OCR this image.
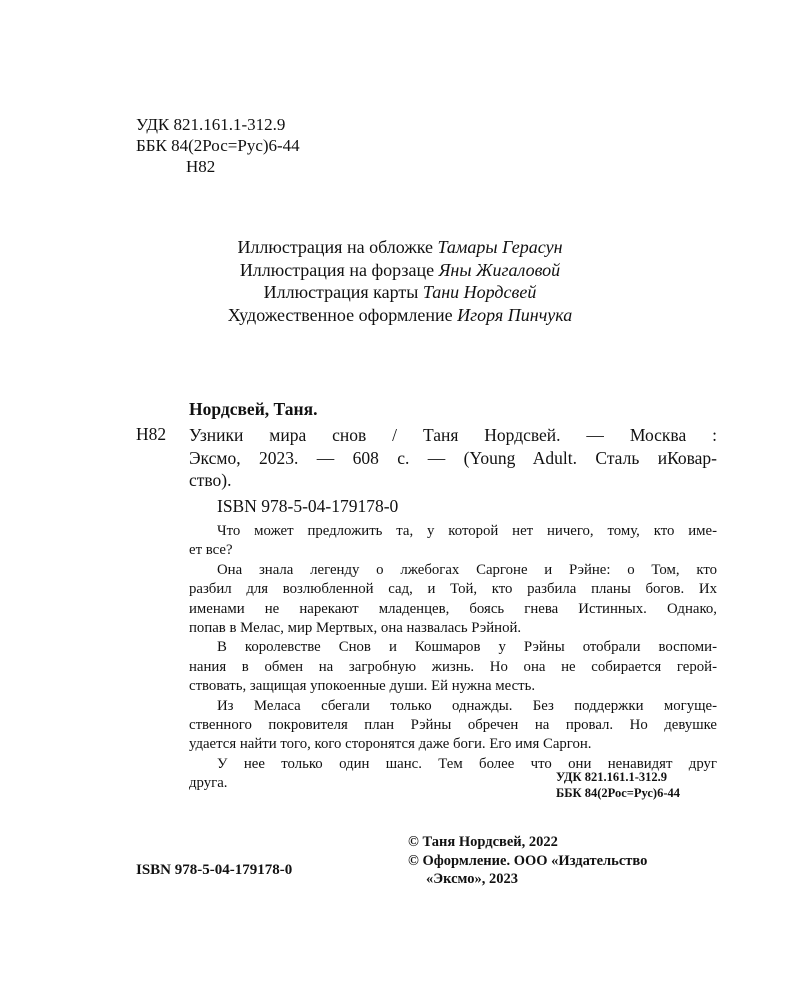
УДК 821.161.1-312.9
ББК 84(2Рос=Рус)6-44
Н82
Иллюстрация на обложке Тамары Герасун
Иллюстрация на форзаце Яны Жигаловой
Иллюстрация карты Тани Нордсвей
Художественное оформление Игоря Пинчука
Нордсвей, Таня.
Н82 Узники мира снов / Таня Нордсвей. — Москва :
Эксмо, 2023. — 608 с. — (Young Adult. Сталь иКовар-
ство).
ISBN 978-5-04-179178-0

Что может предложить та, у которой нет ничего, тому, кто име-

ет все?

Она знала легенду о лжебогах Саргоне и Рэйне: о Том, кто

разбил для возлюбленной сад, и Той, кто разбила планы богов. Их

именами не нарекают младенцев, боясь гнева Истинных. Однако,

попав в Мелас, мир Мертвых, она назвалась Рэйной.

В королевстве Снов и Кошмаров у Рэйны отобрали воспоми-

нания в обмен на загробную жизнь. Но она не собирается герой-

ствовать, защищая упокоенные души. Ей нужна месть.

Из Меласа сбегали только однажды. Без поддержки могуще-

ственного покровителя план Рэйны обречен на провал. Но девушке

удается найти того, кого сторонятся даже боги. Его имя Саргон.

У нее только один шанс. Тем более что они ненавидят друг

друга.	УДК 821.161.1-312.9
ББК 84(2Рос=Рус)6-44
© Таня Нордсвей, 2022
© Оформление. ООО «Издательство
«Эксмо», 2023
ISBN 978-5-04-179178-0
